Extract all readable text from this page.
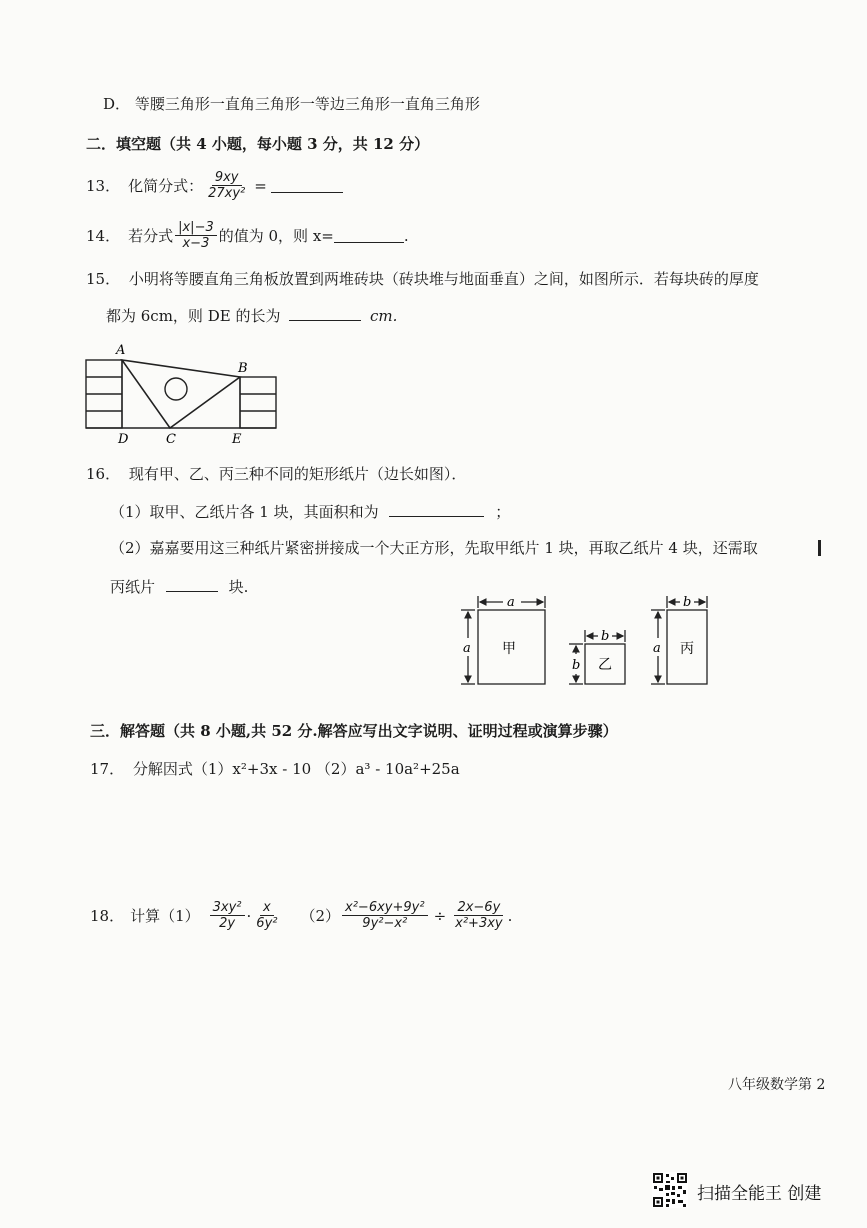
D． 等腰三角形一直角三角形一等边三角形一直角三角形
二．填空题（共 4 小题，每小题 3 分，共 12 分）
13． 化简分式： $\frac{9xy}{\text{27xy²}}$ =
14． 若分式 $\frac{|x|-3}{x-3}$ 的值为 0，则 x=	.
15． 小明将等腰直角三角板放置到两堆砖块（砖块堆与地面垂直）之间，如图所示．若每块砖的厚度
都为 6cm，则 DE 的长为	cm.
A
B
D	C	E
16． 现有甲、乙、丙三种不同的矩形纸片（边长如图）．
（1）取甲、乙纸片各 1 块，其面积和为	；
（2）嘉嘉要用这三种纸片紧密拼接成一个大正方形，先取甲纸片 1 块，再取乙纸片 4 块，还需取
丙纸片	块.
a
a 甲
b
b 乙
b
a 丙
三．解答题（共 8 小题,共 52 分.解答应写出文字说明、证明过程或演算步骤）
17． 分解因式（1）x²+3x - 10 （2）a³ - 10a²+25a
18． 计算$(1) \frac{\text{3xy²}}{2y} \cdot \frac{x}{\text{6y²}} (2) \frac{\text{x²−6xy+9y²}}{\text{9y²−x²}} \div \frac{2x-6y}{\text{x²+3xy}}$ .
八年级数学第 2
扫描全能王 创建
